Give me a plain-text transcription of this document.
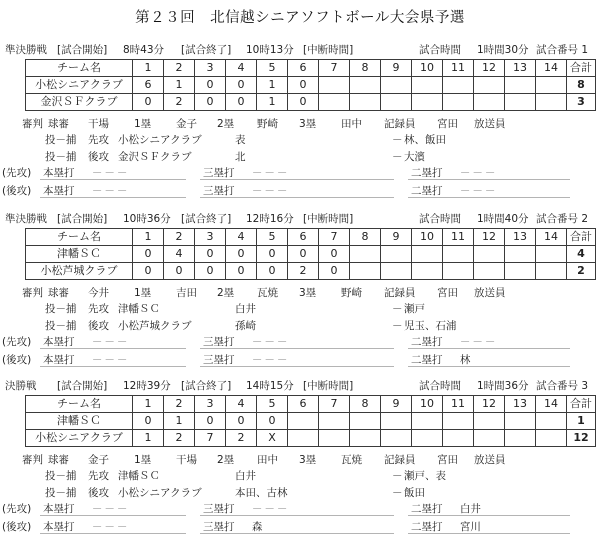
第２３回　北信越シニアソフトボール大会県予選
準決勝戦 [試合開始] 8時43分 [試合終了] 10時13分 [中断時間]	試合時間 1時間30分 試合番号 1
チーム名	1	2	3	4	5	6	7	8	9	10	11	12	13	14	合計
小松シニアクラブ	6	1	0	0	1	0									8
金沢ＳＦクラブ	0	2	0	0	1	0									3
審判 球審 干場 1塁 金子 2塁 野崎 3塁 田中 記録員 宮田 放送員
投－捕 先攻 小松シニアクラブ	表	－ 林、飯田
投－捕 後攻 金沢ＳＦクラブ	北	－ 大濱
(先攻) 本塁打 －－－	三塁打 －－－	二塁打 －－－
(後攻) 本塁打 －－－	三塁打 －－－	二塁打 －－－
準決勝戦 [試合開始] 10時36分 [試合終了] 12時16分 [中断時間]	試合時間 1時間40分 試合番号 2
チーム名	1	2	3	4	5	6	7	8	9	10	11	12	13	14	合計
津幡ＳＣ	0	4	0	0	0	0	0								4
小松芦城クラブ	0	0	0	0	0	2	0								2
審判 球審 今井 1塁 吉田 2塁 瓦焼 3塁 野崎 記録員 宮田 放送員
投－捕 先攻 津幡ＳＣ	白井	－ 瀬戸
投－捕 後攻 小松芦城クラブ	孫崎	－ 児玉、石浦
(先攻) 本塁打 －－－	三塁打 －－－	二塁打 －－－
(後攻) 本塁打 －－－	三塁打 －－－	二塁打 林
決勝戦 [試合開始] 12時39分 [試合終了] 14時15分 [中断時間]	試合時間 1時間36分 試合番号 3
チーム名	1	2	3	4	5	6	7	8	9	10	11	12	13	14	合計
津幡ＳＣ	0	1	0	0	0										1
小松シニアクラブ	1	2	7	2	X										12
審判 球審 金子 1塁 干場 2塁 田中 3塁 瓦焼 記録員 宮田 放送員
投－捕 先攻 津幡ＳＣ	白井	－ 瀬戸、表
投－捕 後攻 小松シニアクラブ	本田、古林	－ 飯田
(先攻) 本塁打 －－－	三塁打 －－－	二塁打 白井
(後攻) 本塁打 －－－	三塁打 森	二塁打 宮川
